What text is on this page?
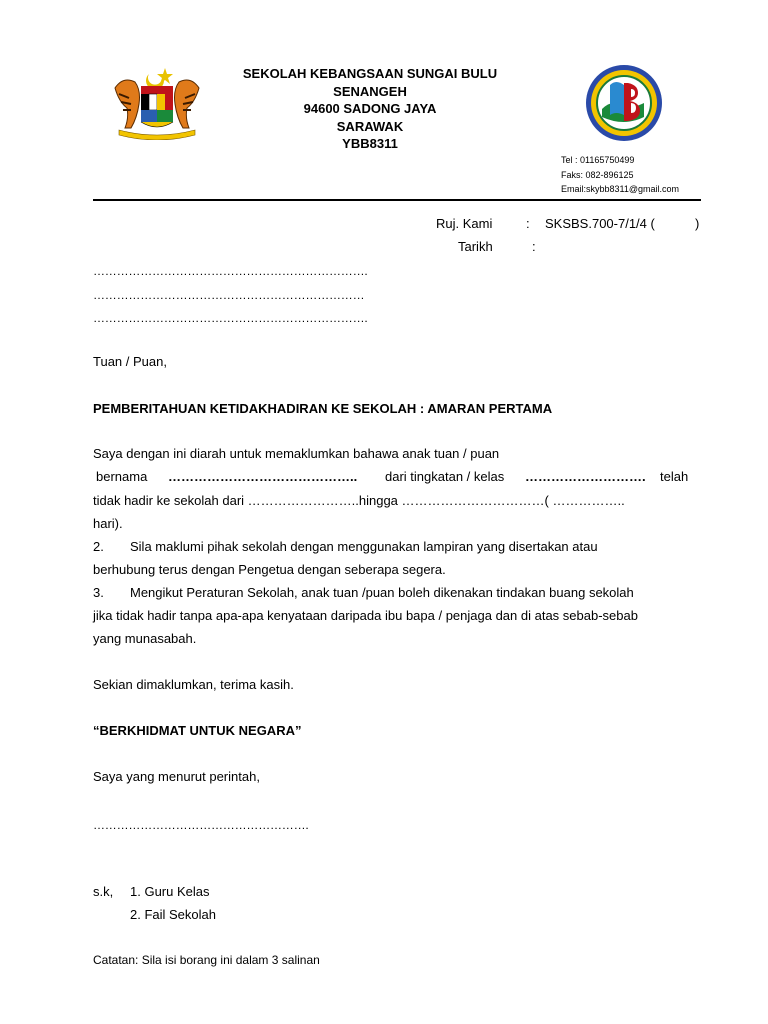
SEKOLAH KEBANGSAAN SUNGAI BULU
SENANGEH
94600 SADONG JAYA
SARAWAK
YBB8311
Tel : 01165750499
Faks: 082-896125
Email:skybb8311@gmail.com
Ruj. Kami	: SKSBS.700-7/1/4 (	)
Tarikh	:
…………………………………………………………….
……………………………………………………………
…………………………………………………………….
Tuan / Puan,
PEMBERITAHUAN KETIDAKHADIRAN KE SEKOLAH : AMARAN PERTAMA
Saya dengan ini diarah untuk memaklumkan bahawa anak tuan / puan
bernama …………………………………….. dari tingkatan / kelas ………………………. telah
tidak hadir ke sekolah dari ……………………..hingga ……………………………( ……………..
hari).
2. Sila maklumi pihak sekolah dengan menggunakan lampiran yang disertakan atau
berhubung terus dengan Pengetua dengan seberapa segera.
3. Mengikut Peraturan Sekolah, anak tuan /puan boleh dikenakan tindakan buang sekolah
jika tidak hadir tanpa apa-apa kenyataan daripada ibu bapa / penjaga dan di atas sebab-sebab
yang munasabah.
Sekian dimaklumkan, terima kasih.
“BERKHIDMAT UNTUK NEGARA”
Saya yang menurut perintah,
……………………………………………….
s.k, 1. Guru Kelas
2. Fail Sekolah
Catatan: Sila isi borang ini dalam 3 salinan
